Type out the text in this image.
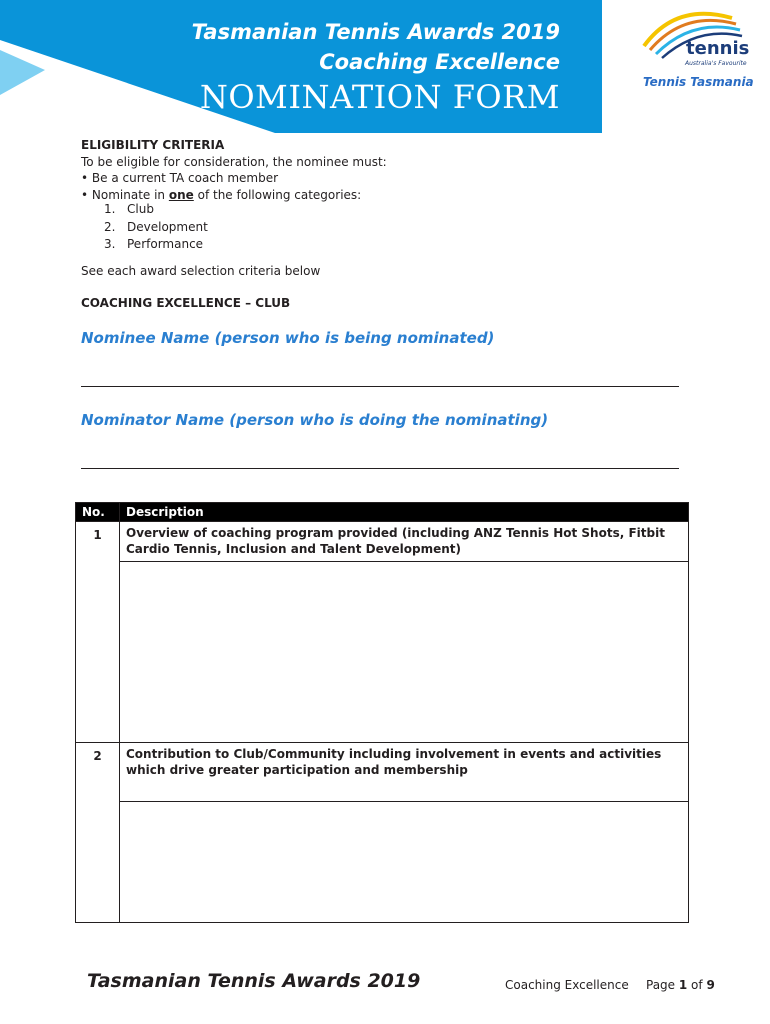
Tasmanian Tennis Awards 2019
Coaching Excellence
NOMINATION FORM
tennis
Australia's Favourite
Tennis Tasmania
ELIGIBILITY CRITERIA
To be eligible for consideration, the nominee must:
• Be a current TA coach member
• Nominate in one of the following categories:
1. Club
2. Development
3. Performance
See each award selection criteria below
COACHING EXCELLENCE – CLUB
Nominee Name (person who is being nominated)
Nominator Name (person who is doing the nominating)
No.	Description
1	Overview of coaching program provided (including ANZ Tennis Hot Shots, Fitbit Cardio Tennis, Inclusion and Talent Development)

2	Contribution to Club/Community including involvement in events and activities which drive greater participation and membership

Tasmanian Tennis Awards 2019	Coaching Excellence Page 1 of 9
